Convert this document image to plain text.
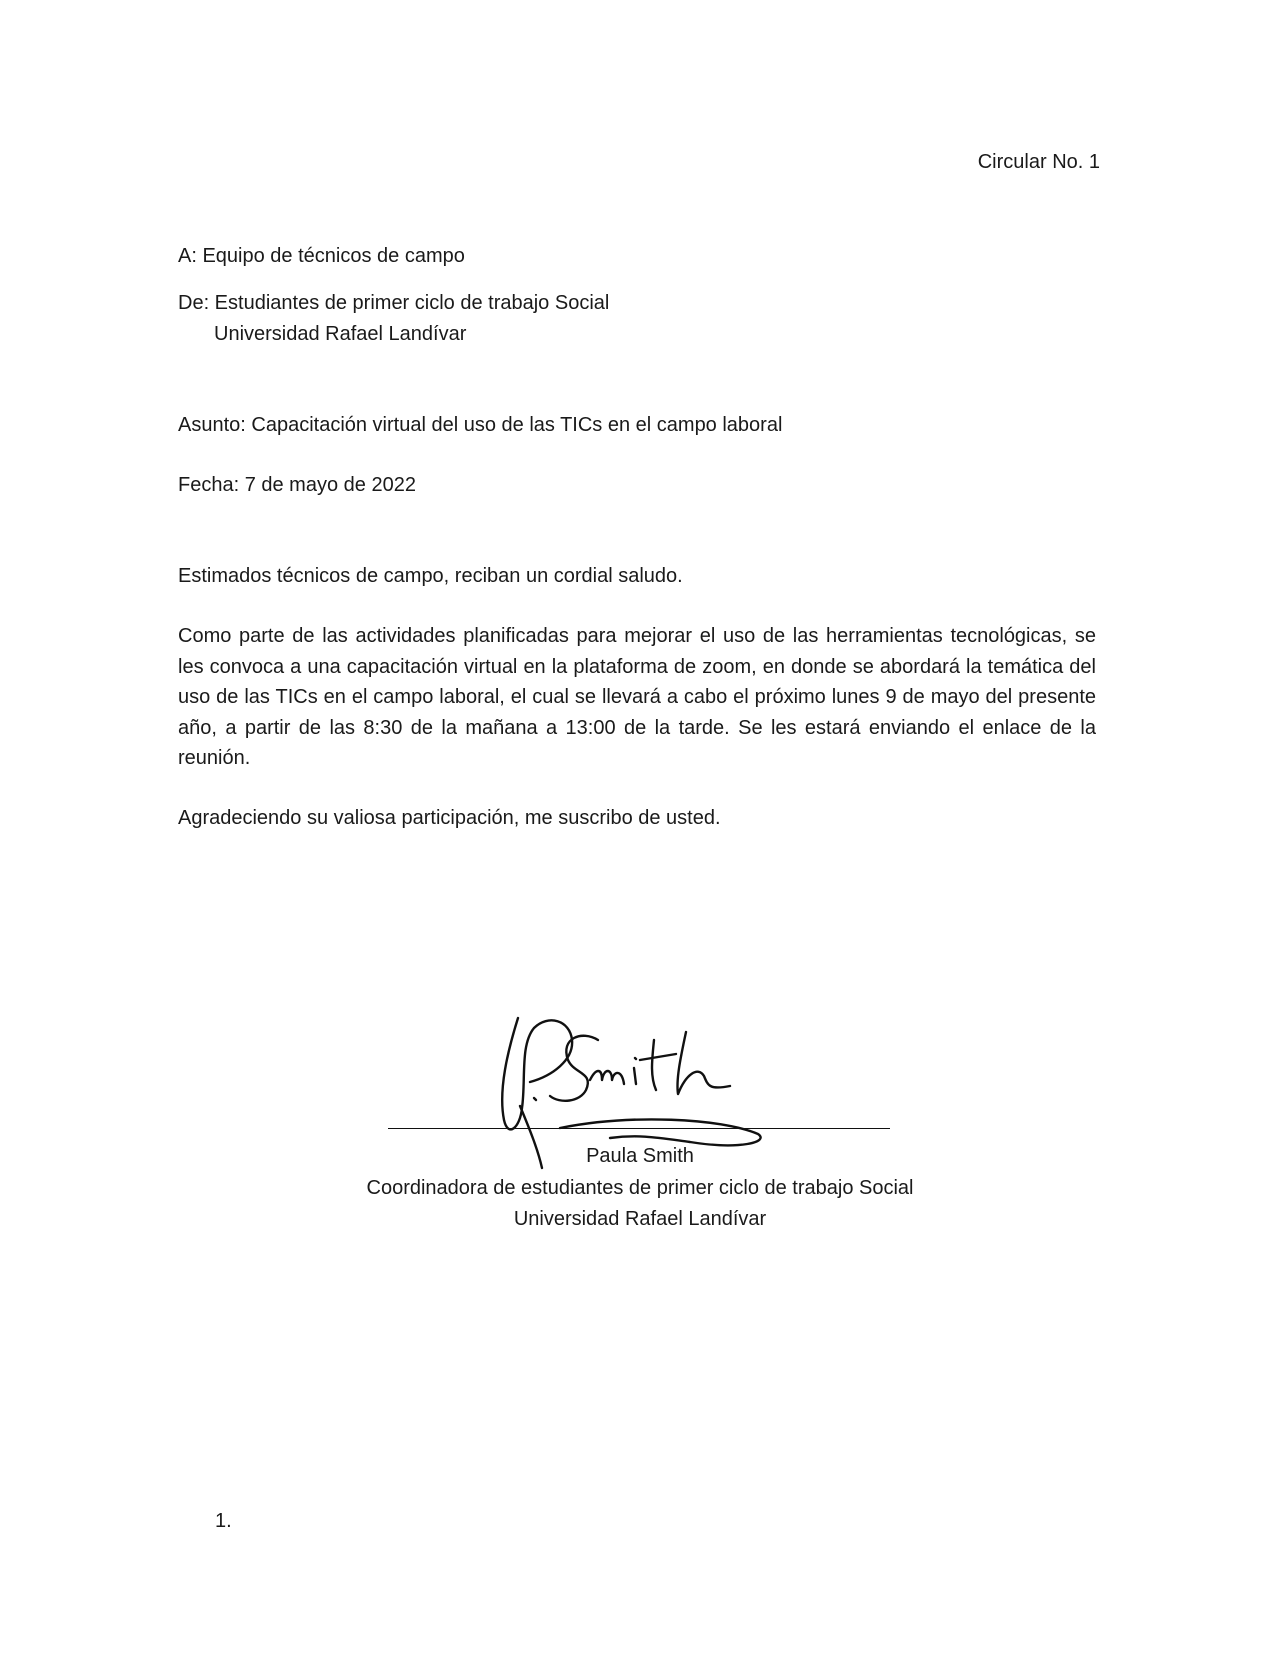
Circular No. 1
A: Equipo de técnicos de campo
De: Estudiantes de primer ciclo de trabajo Social
Universidad Rafael Landívar
Asunto: Capacitación virtual del uso de las TICs en el campo laboral
Fecha: 7 de mayo de 2022
Estimados técnicos de campo, reciban un cordial saludo.
Como parte de las actividades planificadas para mejorar el uso de las herramientas tecnológicas, se les convoca a una capacitación virtual en la plataforma de zoom, en donde se abordará la temática del uso de las TICs en el campo laboral, el cual se llevará a cabo el próximo lunes 9 de mayo del presente año, a partir de las 8:30 de la mañana a 13:00 de la tarde. Se les estará enviando el enlace de la reunión.
Agradeciendo su valiosa participación, me suscribo de usted.
Paula Smith
Coordinadora de estudiantes de primer ciclo de trabajo Social
Universidad Rafael Landívar
1.
